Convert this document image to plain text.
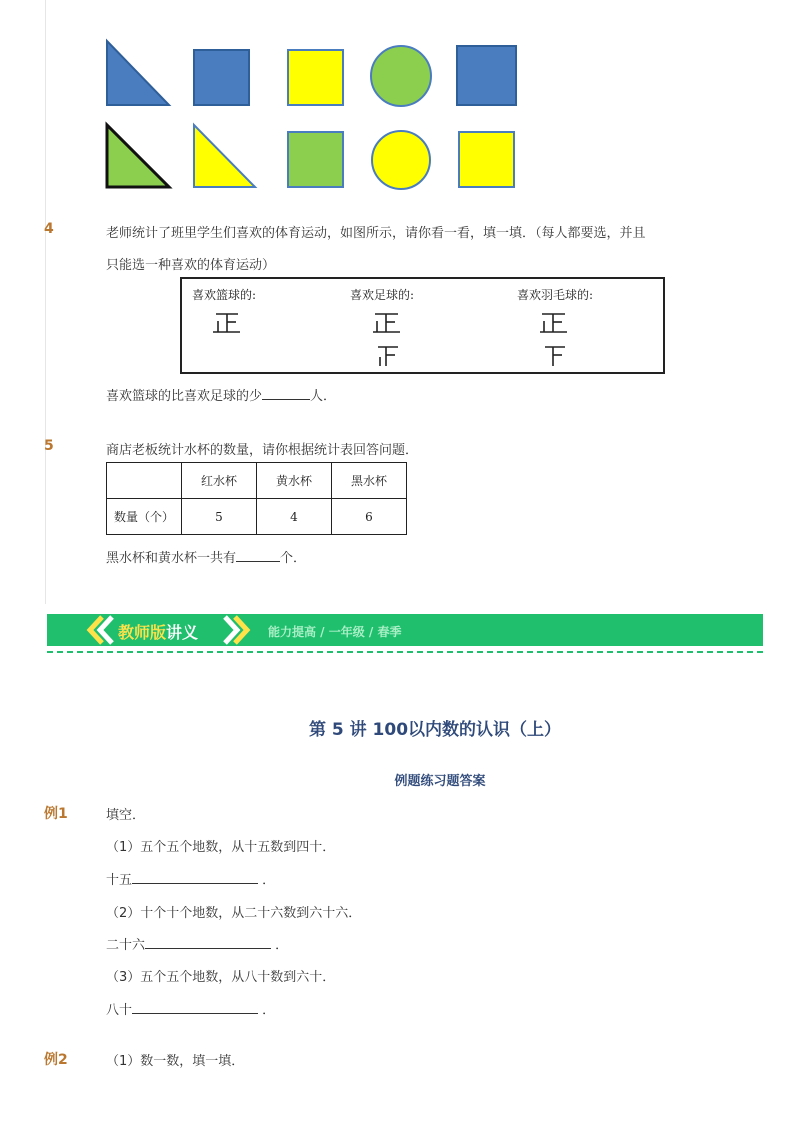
4	老师统计了班里学生们喜欢的体育运动，如图所示，请你看一看，填一填．（每人都要选，并且
只能选一种喜欢的体育运动）
喜欢篮球的:	喜欢足球的:	喜欢羽毛球的:
喜欢篮球的比喜欢足球的少	人．
5	商店老板统计水杯的数量，请你根据统计表回答问题．
	红水杯	黄水杯	黑水杯
数量（个）	5	4	6
黑水杯和黄水杯一共有	个．
教师版讲义	能力提高 / 一年级 / 春季
第 5 讲 100以内数的认识（上）
例题练习题答案
例1	填空．
（1）五个五个地数，从十五数到四十．
十五	．
（2）十个十个地数，从二十六数到六十六．
二十六	．
（3）五个五个地数，从八十数到六十．
八十	．
例2	（1）数一数，填一填．
